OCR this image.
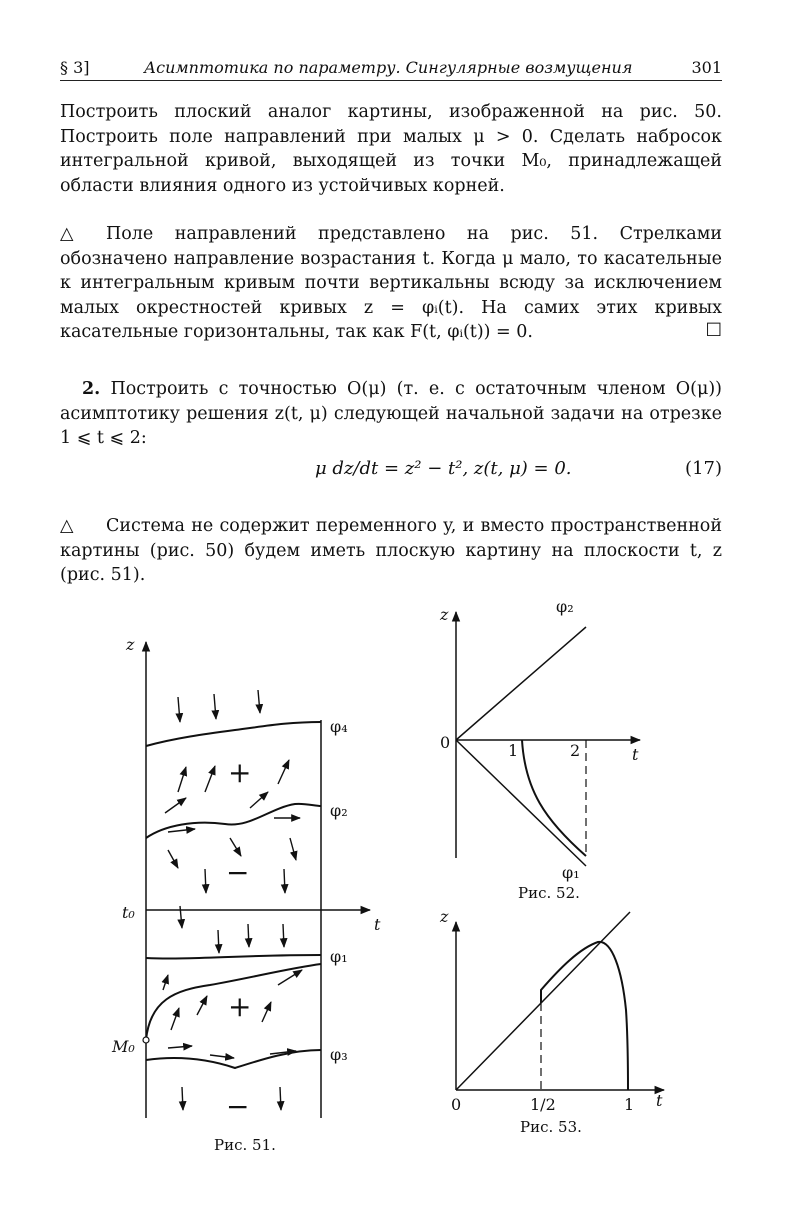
§ 3]	Асимптотика по параметру. Сингулярные возмущения	301

Построить плоский аналог картины, изображенной на рис. 50. Построить поле направлений при малых μ > 0. Сделать набросок интегральной кривой, выходящей из точки M₀, принадлежащей области влияния одного из устойчивых корней.

△ Поле направлений представлено на рис. 51. Стрелками обозначено направление возрастания t. Когда μ мало, то касательные к интегральным кривым почти вертикальны всюду за исключением малых окрестностей кривых z = φᵢ(t). На самих этих кривых касательные горизонтальны, так как F(t, φᵢ(t)) = 0.	□
2. Построить с точностью O(μ) (т. е. с остаточным членом O(μ)) асимптотику решения z(t, μ) следующей начальной задачи на отрезке 1 ⩽ t ⩽ 2:
μ dz/dt = z² − t², z(t, μ) = 0.	(17)
△ Система не содержит переменного y, и вместо пространственной картины (рис. 50) будем иметь плоскую картину на плоскости t, z (рис. 51).
z
t
t₀
M₀
φ₄
φ₂
φ₁
φ₃
+
−
+
−
Рис. 51.
z
t
0	1	2
φ₂
φ₁
Рис. 52.
z
t
0	1/2	1
Рис. 53.
